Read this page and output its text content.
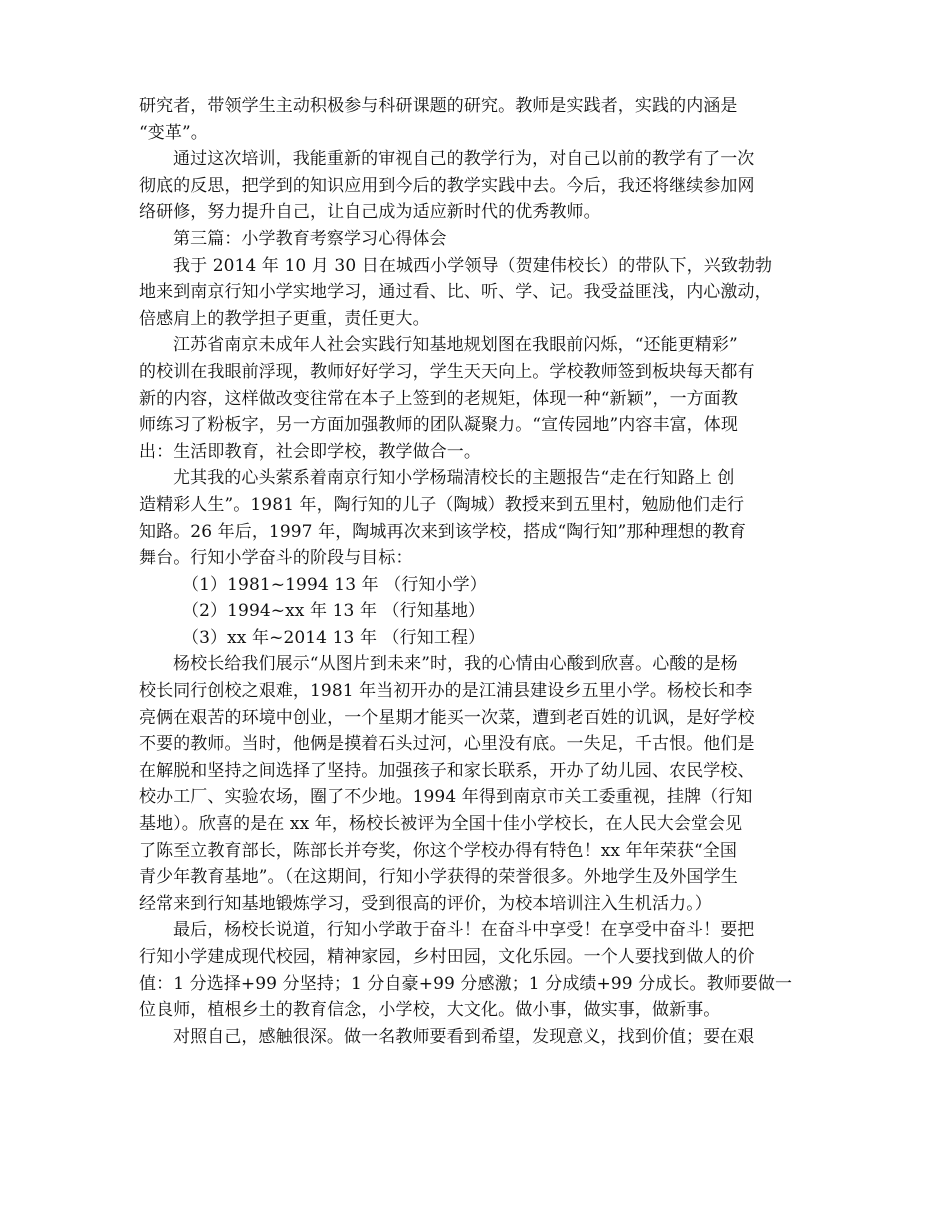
研究者，带领学生主动积极参与科研课题的研究。教师是实践者，实践的内涵是
“变革”。
通过这次培训，我能重新的审视自己的教学行为，对自己以前的教学有了一次
彻底的反思，把学到的知识应用到今后的教学实践中去。今后，我还将继续参加网
络研修，努力提升自己，让自己成为适应新时代的优秀教师。
第三篇：小学教育考察学习心得体会
我于 2014 年 10 月 30 日在城西小学领导（贺建伟校长）的带队下，兴致勃勃
地来到南京行知小学实地学习，通过看、比、听、学、记。我受益匪浅，内心激动，
倍感肩上的教学担子更重，责任更大。
江苏省南京未成年人社会实践行知基地规划图在我眼前闪烁，“还能更精彩”
的校训在我眼前浮现，教师好好学习，学生天天向上。学校教师签到板块每天都有
新的内容，这样做改变往常在本子上签到的老规矩，体现一种“新颖”，一方面教
师练习了粉板字，另一方面加强教师的团队凝聚力。“宣传园地”内容丰富，体现
出：生活即教育，社会即学校，教学做合一。
尤其我的心头萦系着南京行知小学杨瑞清校长的主题报告“走在行知路上 创
造精彩人生”。1981 年，陶行知的儿子（陶城）教授来到五里村，勉励他们走行
知路。26 年后，1997 年，陶城再次来到该学校，搭成“陶行知”那种理想的教育
舞台。行知小学奋斗的阶段与目标：
（1）1981~1994 13 年 （行知小学）
（2）1994~xx 年 13 年 （行知基地）
（3）xx 年~2014 13 年 （行知工程）
杨校长给我们展示“从图片到未来”时，我的心情由心酸到欣喜。心酸的是杨
校长同行创校之艰难，1981 年当初开办的是江浦县建设乡五里小学。杨校长和李
亮俩在艰苦的环境中创业，一个星期才能买一次菜，遭到老百姓的讥讽，是好学校
不要的教师。当时，他俩是摸着石头过河，心里没有底。一失足，千古恨。他们是
在解脱和坚持之间选择了坚持。加强孩子和家长联系，开办了幼儿园、农民学校、
校办工厂、实验农场，圈了不少地。1994 年得到南京市关工委重视，挂牌（行知
基地）。欣喜的是在 xx 年，杨校长被评为全国十佳小学校长，在人民大会堂会见
了陈至立教育部长，陈部长并夸奖，你这个学校办得有特色！xx 年年荣获“全国
青少年教育基地”。（在这期间，行知小学获得的荣誉很多。外地学生及外国学生
经常来到行知基地锻炼学习，受到很高的评价，为校本培训注入生机活力。）
最后，杨校长说道，行知小学敢于奋斗！在奋斗中享受！在享受中奋斗！要把
行知小学建成现代校园，精神家园，乡村田园，文化乐园。一个人要找到做人的价
值：1 分选择+99 分坚持；1 分自豪+99 分感激；1 分成绩+99 分成长。教师要做一
位良师，植根乡土的教育信念，小学校，大文化。做小事，做实事，做新事。
对照自己，感触很深。做一名教师要看到希望，发现意义，找到价值；要在艰
